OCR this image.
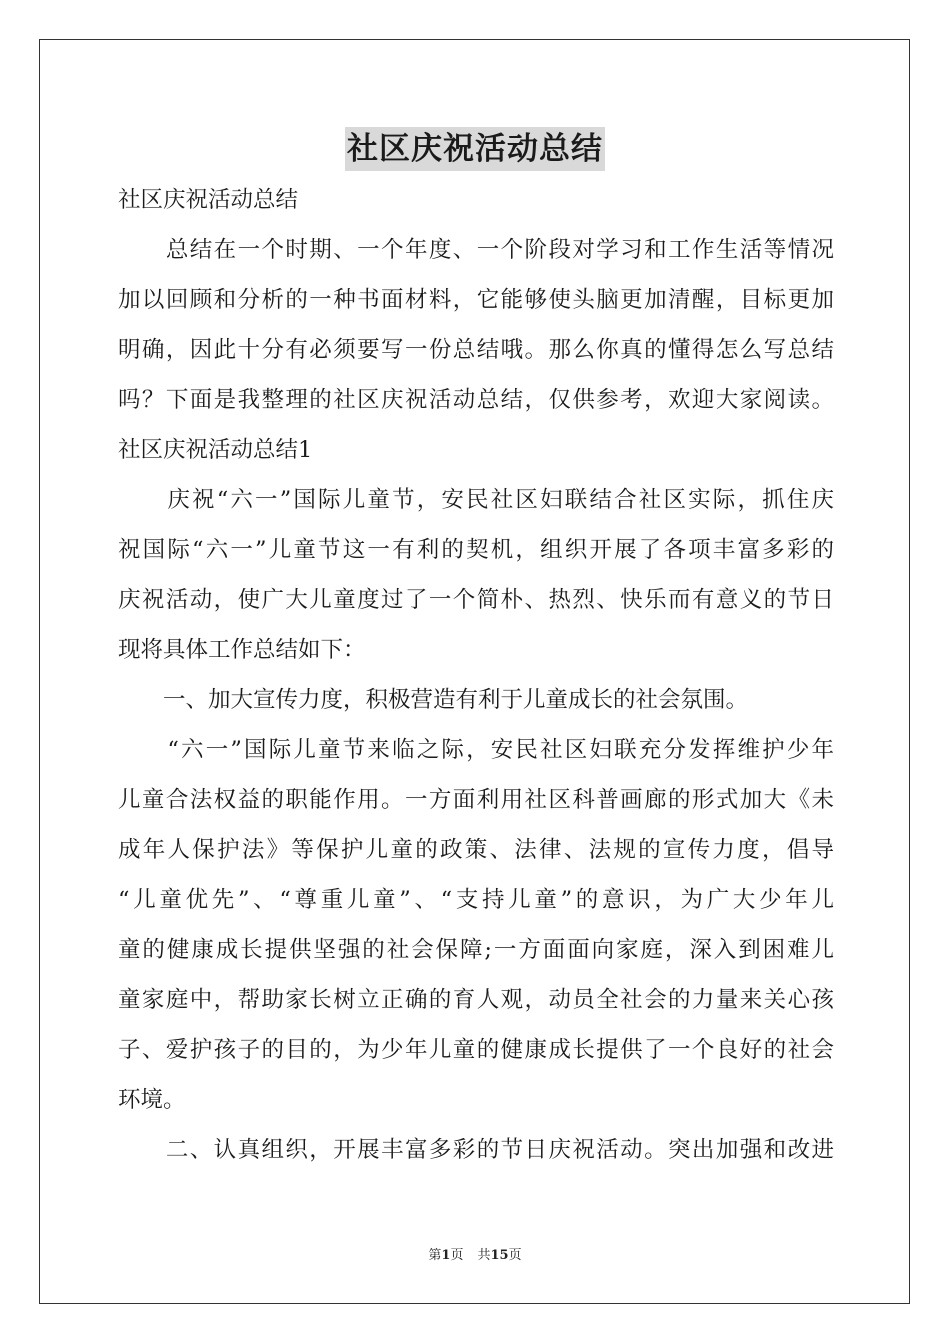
社区庆祝活动总结
社区庆祝活动总结
　　总结在一个时期、一个年度、一个阶段对学习和工作生活等情况
加以回顾和分析的一种书面材料，它能够使头脑更加清醒，目标更加
明确，因此十分有必须要写一份总结哦。那么你真的懂得怎么写总结
吗？下面是我整理的社区庆祝活动总结，仅供参考，欢迎大家阅读。
社区庆祝活动总结1
　　庆祝“六一”国际儿童节，安民社区妇联结合社区实际，抓住庆
祝国际“六一”儿童节这一有利的契机，组织开展了各项丰富多彩的
庆祝活动，使广大儿童度过了一个简朴、热烈、快乐而有意义的节日
现将具体工作总结如下：
　　一、加大宣传力度，积极营造有利于儿童成长的社会氛围。
　　“六一”国际儿童节来临之际，安民社区妇联充分发挥维护少年
儿童合法权益的职能作用。一方面利用社区科普画廊的形式加大《未
成年人保护法》等保护儿童的政策、法律、法规的宣传力度，倡导
“儿童优先”、“尊重儿童”、“支持儿童”的意识，为广大少年儿
童的健康成长提供坚强的社会保障;一方面面向家庭，深入到困难儿
童家庭中，帮助家长树立正确的育人观，动员全社会的力量来关心孩
子、爱护孩子的目的，为少年儿童的健康成长提供了一个良好的社会
环境。
　　二、认真组织，开展丰富多彩的节日庆祝活动。突出加强和改进
第1页 共15页
